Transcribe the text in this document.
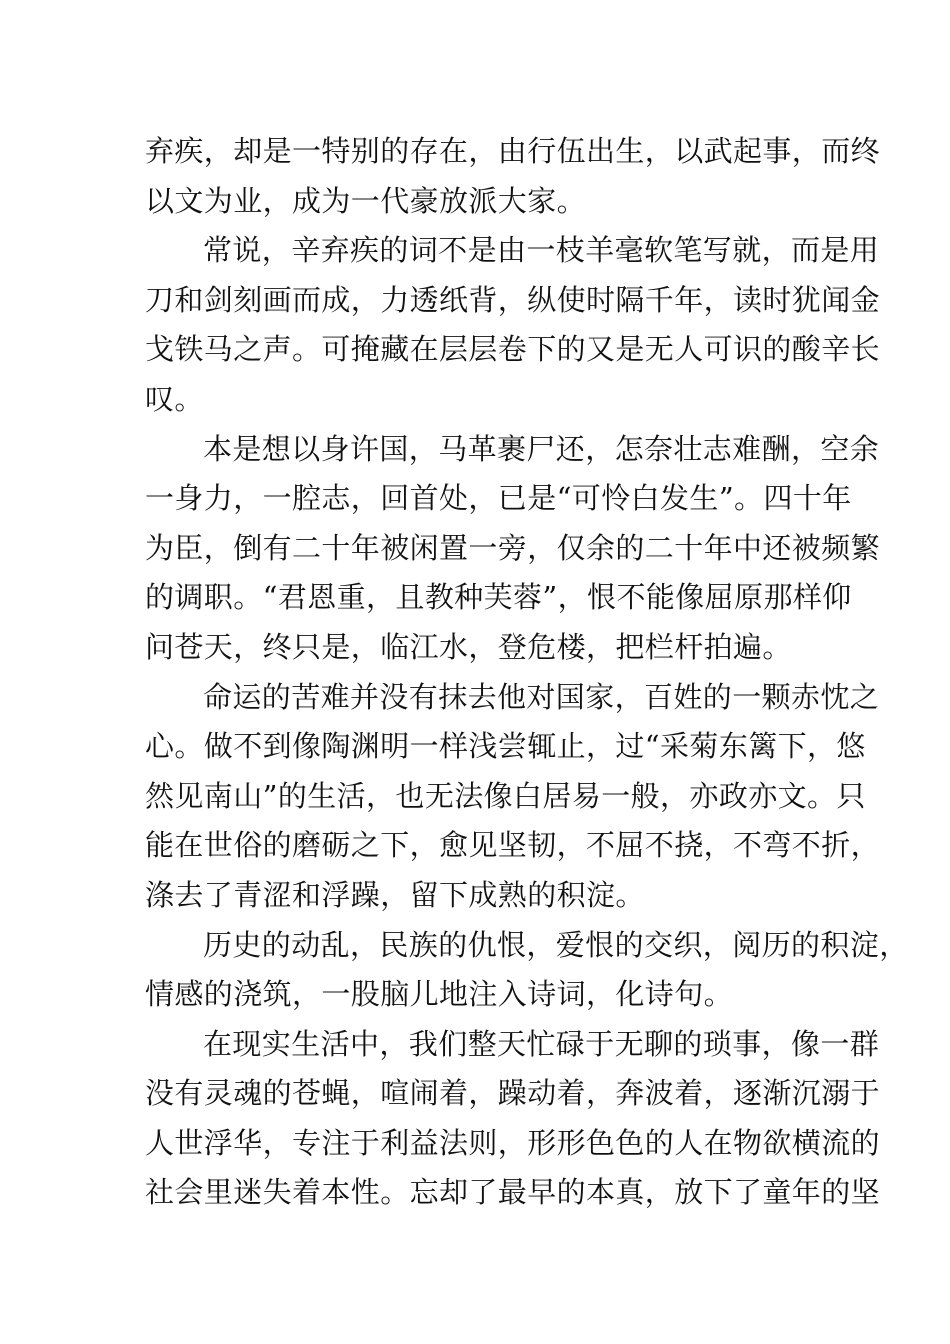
弃疾，却是一特别的存在，由行伍出生，以武起事，而终
以文为业，成为一代豪放派大家。
常说，辛弃疾的词不是由一枝羊毫软笔写就，而是用
刀和剑刻画而成，力透纸背，纵使时隔千年，读时犹闻金
戈铁马之声。可掩藏在层层卷下的又是无人可识的酸辛长
叹。
本是想以身许国，马革裹尸还，怎奈壮志难酬，空余
一身力，一腔志，回首处，已是“可怜白发生”。四十年
为臣，倒有二十年被闲置一旁，仅余的二十年中还被频繁
的调职。“君恩重，且教种芙蓉”，恨不能像屈原那样仰
问苍天，终只是，临江水，登危楼，把栏杆拍遍。
命运的苦难并没有抹去他对国家，百姓的一颗赤忱之
心。做不到像陶渊明一样浅尝辄止，过“采菊东篱下，悠
然见南山”的生活，也无法像白居易一般，亦政亦文。只
能在世俗的磨砺之下，愈见坚韧，不屈不挠，不弯不折，
涤去了青涩和浮躁，留下成熟的积淀。
历史的动乱，民族的仇恨，爱恨的交织，阅历的积淀，
情感的浇筑，一股脑儿地注入诗词，化诗句。
在现实生活中，我们整天忙碌于无聊的琐事，像一群
没有灵魂的苍蝇，喧闹着，躁动着，奔波着，逐渐沉溺于
人世浮华，专注于利益法则，形形色色的人在物欲横流的
社会里迷失着本性。忘却了最早的本真，放下了童年的坚
